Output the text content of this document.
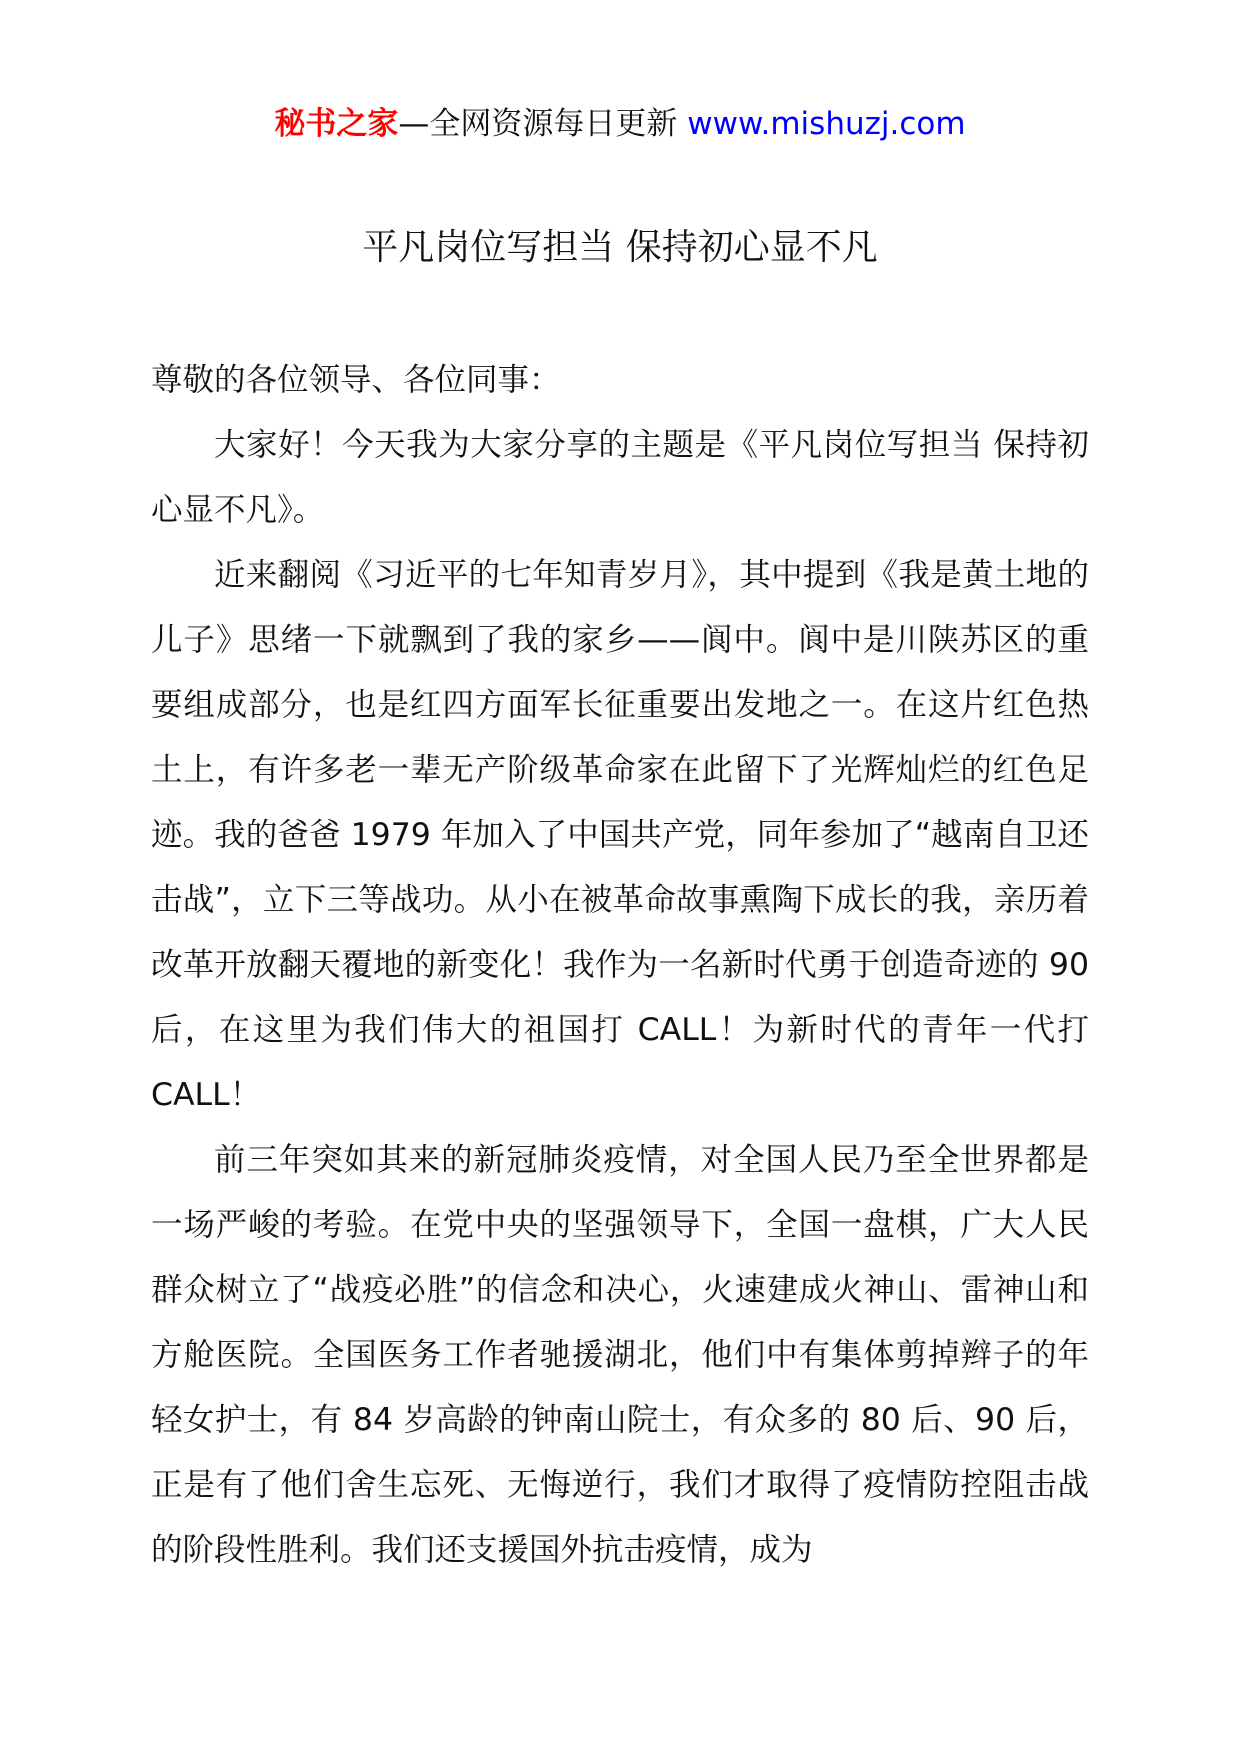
秘书之家—全网资源每日更新 www.mishuzj.com
平凡岗位写担当 保持初心显不凡

尊敬的各位领导、各位同事：

大家好！今天我为大家分享的主题是《平凡岗位写担当 保持初心显不凡》。

近来翻阅《习近平的七年知青岁月》，其中提到《我是黄土地的儿子》思绪一下就飘到了我的家乡——阆中。阆中是川陕苏区的重要组成部分，也是红四方面军长征重要出发地之一。在这片红色热土上，有许多老一辈无产阶级革命家在此留下了光辉灿烂的红色足迹。我的爸爸 1979 年加入了中国共产党，同年参加了“越南自卫还击战”，立下三等战功。从小在被革命故事熏陶下成长的我，亲历着改革开放翻天覆地的新变化！我作为一名新时代勇于创造奇迹的 90 后，在这里为我们伟大的祖国打 CALL！为新时代的青年一代打 CALL！

前三年突如其来的新冠肺炎疫情，对全国人民乃至全世界都是一场严峻的考验。在党中央的坚强领导下，全国一盘棋，广大人民群众树立了“战疫必胜”的信念和决心，火速建成火神山、雷神山和方舱医院。全国医务工作者驰援湖北，他们中有集体剪掉辫子的年轻女护士，有 84 岁高龄的钟南山院士，有众多的 80 后、90 后，正是有了他们舍生忘死、无悔逆行，我们才取得了疫情防控阻击战的阶段性胜利。我们还支援国外抗击疫情，成为
